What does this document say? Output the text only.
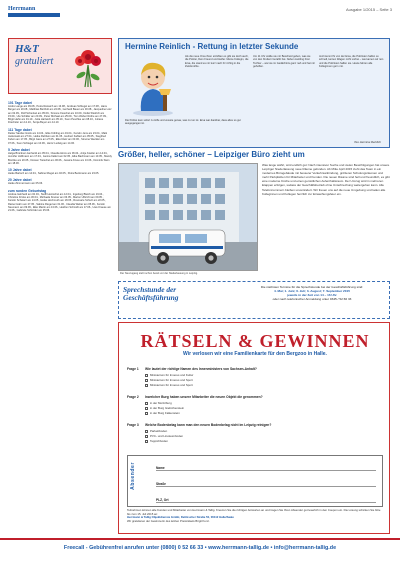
Herrmann	Ausgabe 1/2015 – Seite 3
H&T
gratuliert
101 Tage dabei
Andre Lange am 09.08., Petra Reissich am 13.08., Andreas Schlegel am 17.08., Hans Berger am 20.08., Matthias Bertholt am 24.08., Gerhard Bauer am 30.08., Jacqueline Lotz am 02.09., Rolf Schenkel am 05.09., Simone Fieschel am 10.09., Detlef Dietrich am 15.09., Ute Schäfer am 20.09., Peter Michael am 25.09., Tom Weber Rothe am 27.09., Birgit Hahn am 01.10., Jutta Hartwich am 05.10., Sven Peschke am 08.10., Juliane Drechsler am 12.10., Sonja Beyer am 14.10.
111 Tage dabei
Detlev Sauber-Grefe am 14.04., Elke Kühling am 19.04., Kerstin Jens am 23.04., Maik Jankowski am 27.04., Heike Rehbein am 01.05., Herbert Kahlert am 05.05., Siegfried Kubon am 17.05., Birgit Gans am 27.05., Elke Dietz am 03.06., Simone Weckler am 07.06., Sven Schlegel am 10.06., Heinz Ludwig am 14.06.
5 Jahre dabei
Helga Brückner-Gerhardt am 05.04., Claudia Hinze am 06.04., Antje Koeller am 14.04., Jennifer Hoffmann am 17.04., Janina Kallert am 02.05., Elke Bachmann am 10.05., Mandy Bretzke am 20.05., Doreen Tietschel am 06.06., Jessica Kruse am 13.06., Dominik Stein am 18.06.
10 Jahre dabei
Heike Bartsch am 14.04., Sabine Riegel am 02.05., Petra Beckmann am 23.05.
20 Jahre dabei
Heike Zimmermann am 05.06.
zum runden Geburtstag
Andrea Gebhard am 02.04., Steffi Hentschel am 12.04., Ingeborg Bleich am 19.04., Christine Fricke am 30.04., Michaela Kramer am 03.05., Marion Ulbricht am 09.05., Kerstin Schwarz am 14.05., Heike Hochmuth am 18.05., Rosmarie Schulz am 22.05., Rainer Hahn am 27.05., Sabine Riegel am 01.06., Claudia Weber am 05.06., Kerstin Neumann am 09.06., Elke Martin am 13.06., Heidrun Schmidt am 17.06., Uwe Krause am 21.06., Gabriele Schröder am 25.06.
Hermine Reinlich - Rettung in letzter Sekunde
Als die neue Oma ihren erzählen es gibt sie doch auch, die Polizei, Dein Freund und Helfer. Meine Kollegin, die Ersa, die stand es mir kurz nach ihr richtig in die Zwickmühle.
Um 11 Uhr wollte sie mir Bescheid geben, was sie von den Kindern bezahlt hat. Neben Liebling ihrer Tochter – war sie im Gedächtnis ganz nah und hat mir geholfen.
Jetzt kennt Ihr von der Ersa, die Polizisten halfen so schnell, keinen Wagen nicht vorbei – wie kamen wir rein und die Polizisten halfen sie. Heute fahren alle Kolleginnen gern mit.
Die Polizei kam sofort zu Hilfe und wusste genau, was zu tun ist. Ersa war dankbar, dass alles so gut ausgegangen ist.
Ihre Hermine Reinlich
Größer, heller, schöner – Leipziger Büro zieht um
Der Neuzugang steht schon bereit vor der Niederlassung in Leipzig.
Was lange währt, wird endlich gut: Nach intensiver Suche und vielen Besichtigungen hat unsere Leipziger Niederlassung neue Räume gefunden. Ab Mitte April 2015 zieht das Team in ein modernes Bürogebäude mit besserer Verkehrsanbindung, größeren Schulungsräumen und mehr Parkplätzen für Mitarbeiter und Kunden. Die neuen Räume sind hell und freundlich, es gibt eine moderne Küche und einen gemütlichen Aufenthaltsraum. Der Umzug wird in mehreren Etappen erfolgen, sodass der Geschäftsbetrieb ohne Unterbrechung weitergehen kann. Alle Telefonnummern bleiben unverändert. Wir freuen uns auf die neue Umgebung und laden alle Kolleginnen und Kollegen herzlich zur Einweihungsfeier ein.
Sprechstunde der
Geschäftsführung
Die nächsten Termine für die Sprechstunde bei der Geschäftsführung sind:
4. Mai; 1. Juni; 6. Juli; 3. August; 7. September 2015
jeweils in der Zeit von 14 – 16 Uhr
oder nach telefonischer Anmeldung unter 0345 / 52 66 33
RÄTSELN & GEWINNEN
Wir verlosen wir eine Familienkarte für den Bergzoo in Halle.
Frage 1 Wie lautet der richtige Namen des Innenministers von Sachsen-Anhalt?
Ministerium für Inneres und Kultur
Ministerium für Inneres und Sport
Ministerium für Inneres und Sport
Frage 2 Inwelcher Burg haben unsere Mitarbeiter die neuen Objekt die genommen?
in der Moritzburg
in der Burg Giebichenstein
in der Burg Falkenstein
Frage 3 Welche Bodenbelag kann man den neuen Bodenbelag nicht im Leipzig reinigen?
Parkettboden
PVC- und Linoleumboden
Teppichboden
Absender	Name
Straße
PLZ, Ort
Teilnehmen können alle Kunden und Mitarbeiter von Herrmann & Tallig. Kreuzen Sie die richtigen Antworten an und tragen Sie Ihren Absender gut leserlich in den Coupon ein. Die Lösung schicken Sie bitte bis zum 15. Juli 2015 an:
Herrmann & Tallig Objektdienste GmbH, Delitzscher Straße 50, 06112 Halle/Saale
Wir gratulieren der Gewinnerin des letzten Preisrätsels Birgit Kunz.
Freecall - Gebührenfrei anrufen unter (0800) 0 52 66 33 • www.herrmann-tallig.de • info@herrmann-tallig.de
